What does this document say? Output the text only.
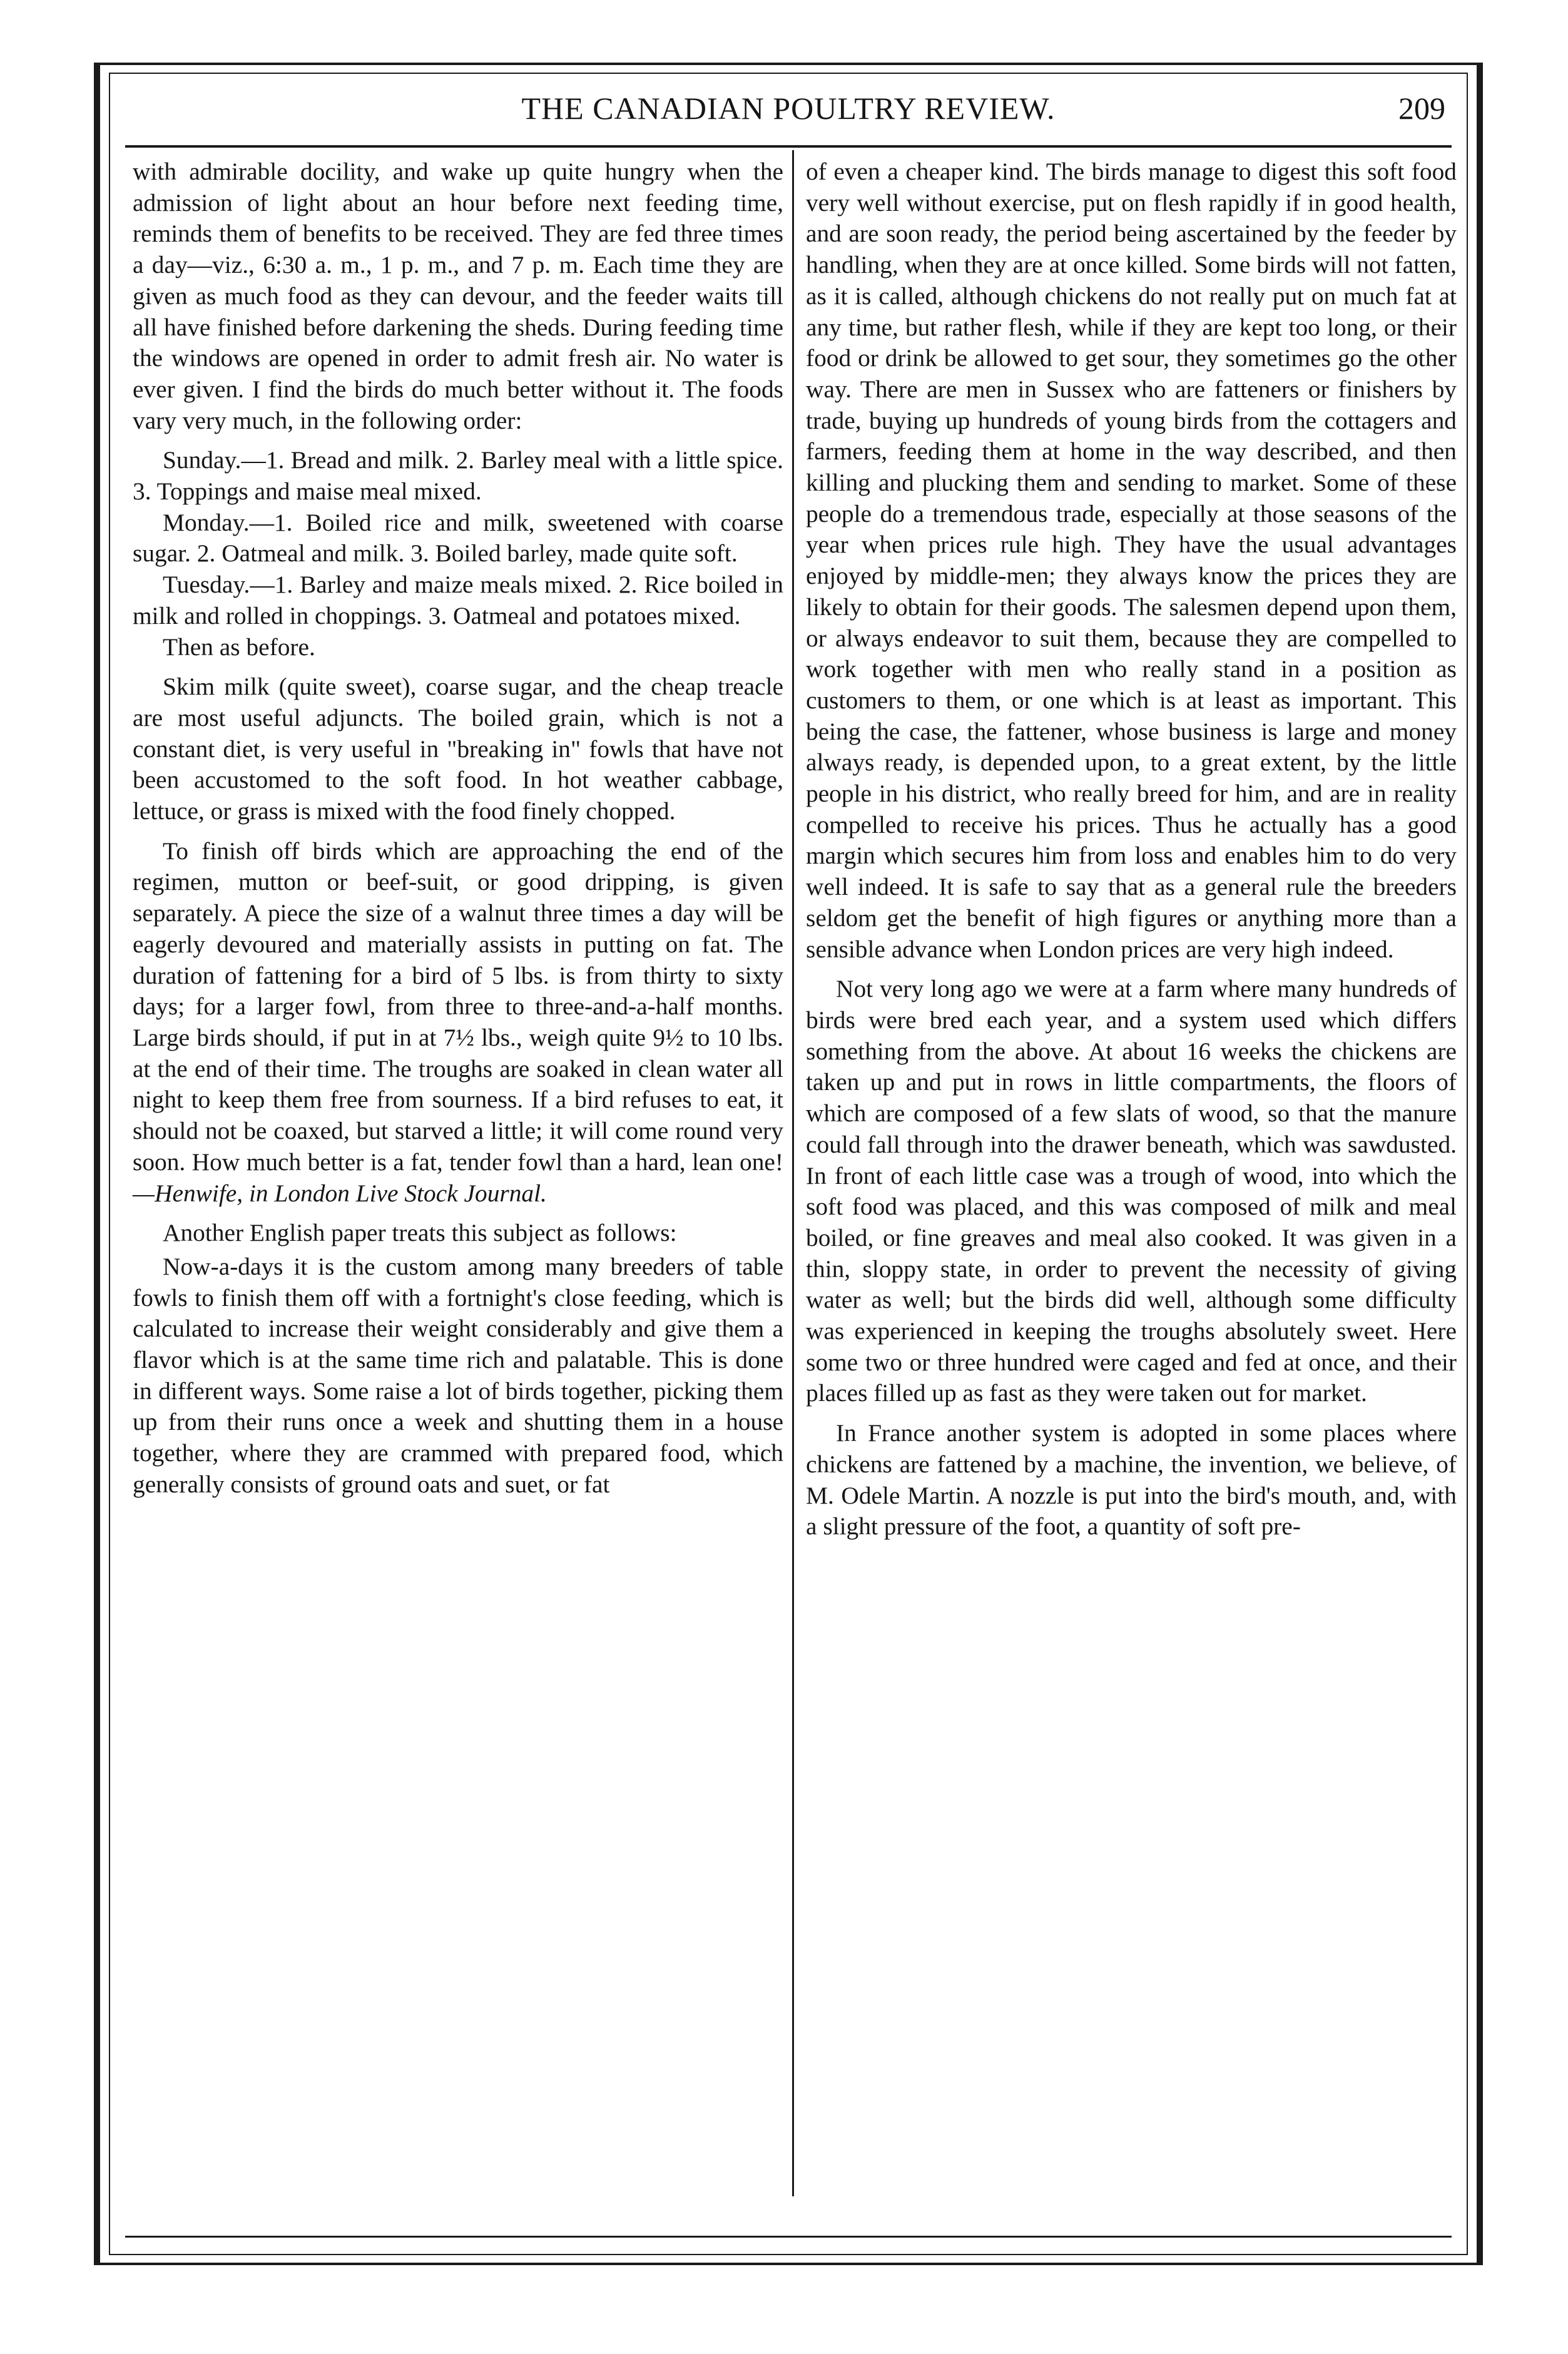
THE CANADIAN POULTRY REVIEW.	209

with admirable docility, and wake up quite hungry when the admission of light about an hour before next feeding time, reminds them of benefits to be received. They are fed three times a day—viz., 6:30 a. m., 1 p. m., and 7 p. m. Each time they are given as much food as they can devour, and the feeder waits till all have finished before darkening the sheds. During feeding time the windows are opened in order to admit fresh air. No water is ever given. I find the birds do much better without it. The foods vary very much, in the following order:

Sunday.—1. Bread and milk. 2. Barley meal with a little spice. 3. Toppings and maise meal mixed.

Monday.—1. Boiled rice and milk, sweetened with coarse sugar. 2. Oatmeal and milk. 3. Boiled barley, made quite soft.

Tuesday.—1. Barley and maize meals mixed. 2. Rice boiled in milk and rolled in choppings. 3. Oatmeal and potatoes mixed.

Then as before.

Skim milk (quite sweet), coarse sugar, and the cheap treacle are most useful adjuncts. The boiled grain, which is not a constant diet, is very useful in "breaking in" fowls that have not been accustomed to the soft food. In hot weather cabbage, lettuce, or grass is mixed with the food finely chopped.

To finish off birds which are approaching the end of the regimen, mutton or beef-suit, or good dripping, is given separately. A piece the size of a walnut three times a day will be eagerly devoured and materially assists in putting on fat. The duration of fattening for a bird of 5 lbs. is from thirty to sixty days; for a larger fowl, from three to three-and-a-half months. Large birds should, if put in at 7½ lbs., weigh quite 9½ to 10 lbs. at the end of their time. The troughs are soaked in clean water all night to keep them free from sourness. If a bird refuses to eat, it should not be coaxed, but starved a little; it will come round very soon. How much better is a fat, tender fowl than a hard, lean one!—Henwife, in London Live Stock Journal.

Another English paper treats this subject as follows:

Now-a-days it is the custom among many breeders of table fowls to finish them off with a fortnight's close feeding, which is calculated to increase their weight considerably and give them a flavor which is at the same time rich and palatable. This is done in different ways. Some raise a lot of birds together, picking them up from their runs once a week and shutting them in a house together, where they are crammed with prepared food, which generally consists of ground oats and suet, or fat

of even a cheaper kind. The birds manage to digest this soft food very well without exercise, put on flesh rapidly if in good health, and are soon ready, the period being ascertained by the feeder by handling, when they are at once killed. Some birds will not fatten, as it is called, although chickens do not really put on much fat at any time, but rather flesh, while if they are kept too long, or their food or drink be allowed to get sour, they sometimes go the other way. There are men in Sussex who are fatteners or finishers by trade, buying up hundreds of young birds from the cottagers and farmers, feeding them at home in the way described, and then killing and plucking them and sending to market. Some of these people do a tremendous trade, especially at those seasons of the year when prices rule high. They have the usual advantages enjoyed by middle-men; they always know the prices they are likely to obtain for their goods. The salesmen depend upon them, or always endeavor to suit them, because they are compelled to work together with men who really stand in a position as customers to them, or one which is at least as important. This being the case, the fattener, whose business is large and money always ready, is depended upon, to a great extent, by the little people in his district, who really breed for him, and are in reality compelled to receive his prices. Thus he actually has a good margin which secures him from loss and enables him to do very well indeed. It is safe to say that as a general rule the breeders seldom get the benefit of high figures or anything more than a sensible advance when London prices are very high indeed.

Not very long ago we were at a farm where many hundreds of birds were bred each year, and a system used which differs something from the above. At about 16 weeks the chickens are taken up and put in rows in little compartments, the floors of which are composed of a few slats of wood, so that the manure could fall through into the drawer beneath, which was sawdusted. In front of each little case was a trough of wood, into which the soft food was placed, and this was composed of milk and meal boiled, or fine greaves and meal also cooked. It was given in a thin, sloppy state, in order to prevent the necessity of giving water as well; but the birds did well, although some difficulty was experienced in keeping the troughs absolutely sweet. Here some two or three hundred were caged and fed at once, and their places filled up as fast as they were taken out for market.

In France another system is adopted in some places where chickens are fattened by a machine, the invention, we believe, of M. Odele Martin. A nozzle is put into the bird's mouth, and, with a slight pressure of the foot, a quantity of soft pre-
